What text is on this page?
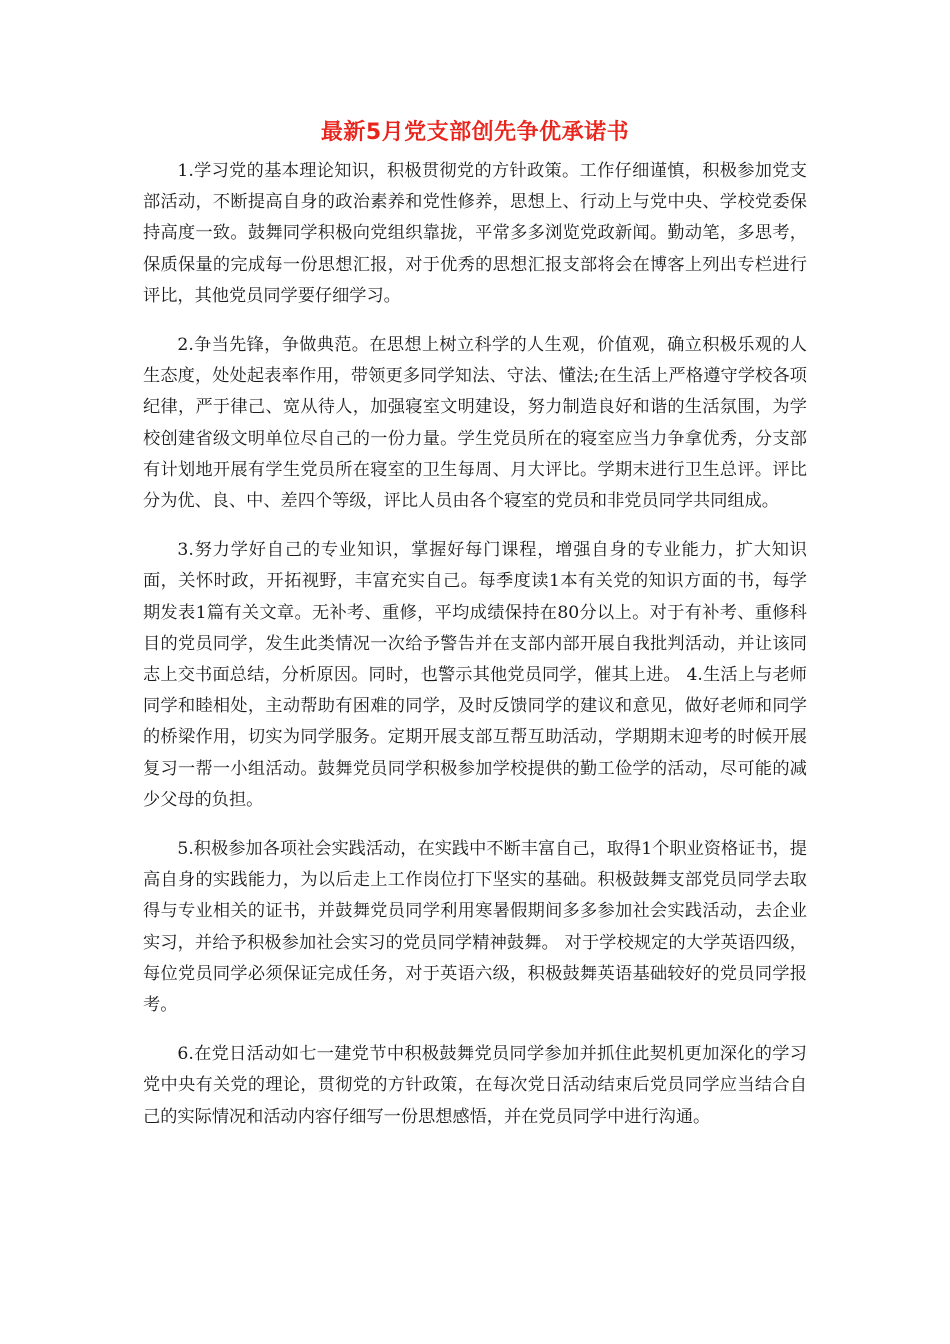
最新5月党支部创先争优承诺书

1.学习党的基本理论知识，积极贯彻党的方针政策。工作仔细谨慎，积极参加党支部活动，不断提高自身的政治素养和党性修养，思想上、行动上与党中央、学校党委保持高度一致。鼓舞同学积极向党组织靠拢，平常多多浏览党政新闻。勤动笔，多思考，保质保量的完成每一份思想汇报，对于优秀的思想汇报支部将会在博客上列出专栏进行评比，其他党员同学要仔细学习。

2.争当先锋，争做典范。在思想上树立科学的人生观，价值观，确立积极乐观的人生态度，处处起表率作用，带领更多同学知法、守法、懂法;在生活上严格遵守学校各项纪律，严于律己、宽从待人，加强寝室文明建设，努力制造良好和谐的生活氛围，为学校创建省级文明单位尽自己的一份力量。学生党员所在的寝室应当力争拿优秀，分支部有计划地开展有学生党员所在寝室的卫生每周、月大评比。学期末进行卫生总评。评比分为优、良、中、差四个等级，评比人员由各个寝室的党员和非党员同学共同组成。

3.努力学好自己的专业知识，掌握好每门课程，增强自身的专业能力，扩大知识面，关怀时政，开拓视野，丰富充实自己。每季度读1本有关党的知识方面的书，每学期发表1篇有关文章。无补考、重修，平均成绩保持在80分以上。对于有补考、重修科目的党员同学，发生此类情况一次给予警告并在支部内部开展自我批判活动，并让该同志上交书面总结，分析原因。同时，也警示其他党员同学，催其上进。 4.生活上与老师同学和睦相处，主动帮助有困难的同学，及时反馈同学的建议和意见，做好老师和同学的桥梁作用，切实为同学服务。定期开展支部互帮互助活动，学期期末迎考的时候开展复习一帮一小组活动。鼓舞党员同学积极参加学校提供的勤工俭学的活动，尽可能的减少父母的负担。

5.积极参加各项社会实践活动，在实践中不断丰富自己，取得1个职业资格证书，提高自身的实践能力，为以后走上工作岗位打下坚实的基础。积极鼓舞支部党员同学去取得与专业相关的证书，并鼓舞党员同学利用寒暑假期间多多参加社会实践活动，去企业实习，并给予积极参加社会实习的党员同学精神鼓舞。 对于学校规定的大学英语四级，每位党员同学必须保证完成任务，对于英语六级，积极鼓舞英语基础较好的党员同学报考。

6.在党日活动如七一建党节中积极鼓舞党员同学参加并抓住此契机更加深化的学习党中央有关党的理论，贯彻党的方针政策，在每次党日活动结束后党员同学应当结合自己的实际情况和活动内容仔细写一份思想感悟，并在党员同学中进行沟通。
